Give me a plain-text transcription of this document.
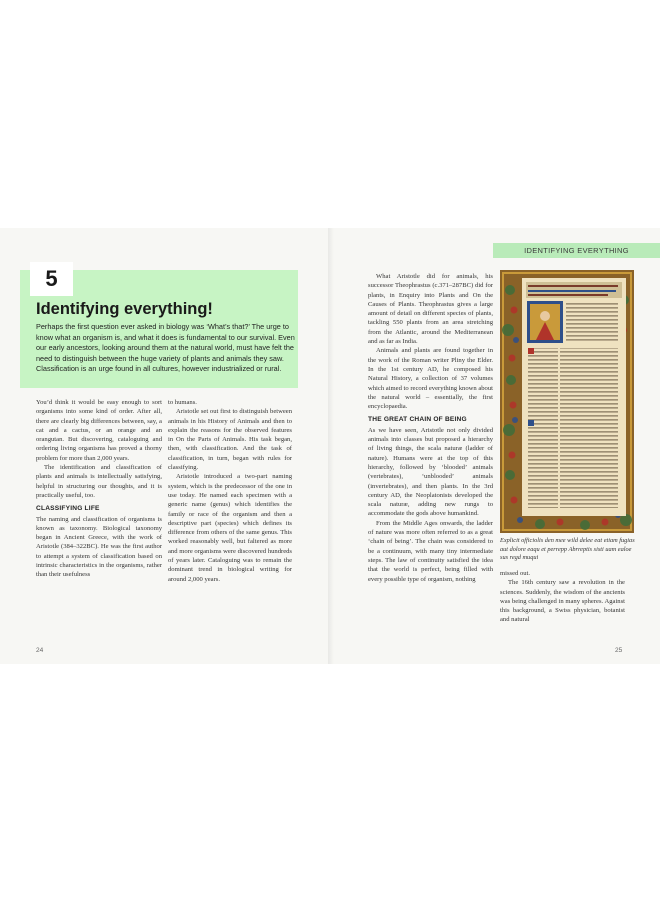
IDENTIFYING EVERYTHING
5
Identifying everything!

Perhaps the first question ever asked in biology was ‘What’s that?’ The urge to know what an organism is, and what it does is fundamental to our survival. Even our early ancestors, looking around them at the natural world, must have felt the need to distinguish between the huge variety of plants and animals they saw. Classification is an urge found in all cultures, however industrialized or rural.

You’d think it would be easy enough to sort organisms into some kind of order. After all, there are clearly big differences between, say, a cat and a cactus, or an orange and an orangutan. But discovering, cataloguing and ordering living organisms has proved a thorny problem for more than 2,000 years.

The identification and classification of plants and animals is intellectually satisfying, helpful in structuring our thoughts, and it is practically useful, too.

CLASSIFYING LIFE

The naming and classification of organisms is known as taxonomy. Biological taxonomy began in Ancient Greece, with the work of Aristotle (384–322BC). He was the first author to attempt a system of classification based on intrinsic characteristics in the organisms, rather than their usefulness

to humans.

Aristotle set out first to distinguish between animals in his History of Animals and then to explain the reasons for the observed features in On the Parts of Animals. His task began, then, with classification. And the task of classification, in turn, began with rules for classifying.

Aristotle introduced a two-part naming system, which is the predecessor of the one in use today. He named each specimen with a generic name (genus) which identifies the family or race of the organism and then a descriptive part (species) which defines its difference from others of the same genus. This worked reasonably well, but faltered as more and more organisms were discovered hundreds of years later. Cataloguing was to remain the dominant trend in biological writing for around 2,000 years.

24

What Aristotle did for animals, his successor Theophrastus (c.371–287BC) did for plants, in Enquiry into Plants and On the Causes of Plants. Theophrastus gives a large amount of detail on different species of plants, tackling 550 plants from an area stretching from the Atlantic, around the Mediterranean and as far as India.

Animals and plants are found together in the work of the Roman writer Pliny the Elder. In the 1st century AD, he composed his Natural History, a collection of 37 volumes which aimed to record everything known about the natural world – essentially, the first encyclopaedia.

THE GREAT CHAIN OF BEING

As we have seen, Aristotle not only divided animals into classes but proposed a hierarchy of living things, the scala naturæ (ladder of nature). Humans were at the top of this hierarchy, followed by ‘blooded’ animals (vertebrates), ‘unblooded’ animals (invertebrates), and then plants. In the 3rd century AD, the Neoplatonists developed the scala naturæ, adding new rungs to accommodate the gods above humankind.

From the Middle Ages onwards, the ladder of nature was more often referred to as a great ‘chain of being’. The chain was considered to be a continuum, with many tiny intermediate steps. The law of continuity satisfied the idea that the world is perfect, being filled with every possible type of organism, nothing

Explicit officiolis den mee wild delee eat etiam fugias aut dolore eaqu et perrepp Abrreptis sisti uam ealoe sus regd muqui

missed out.

The 16th century saw a revolution in the sciences. Suddenly, the wisdom of the ancients was being challenged in many spheres. Against this background, a Swiss physician, botanist and natural

25
